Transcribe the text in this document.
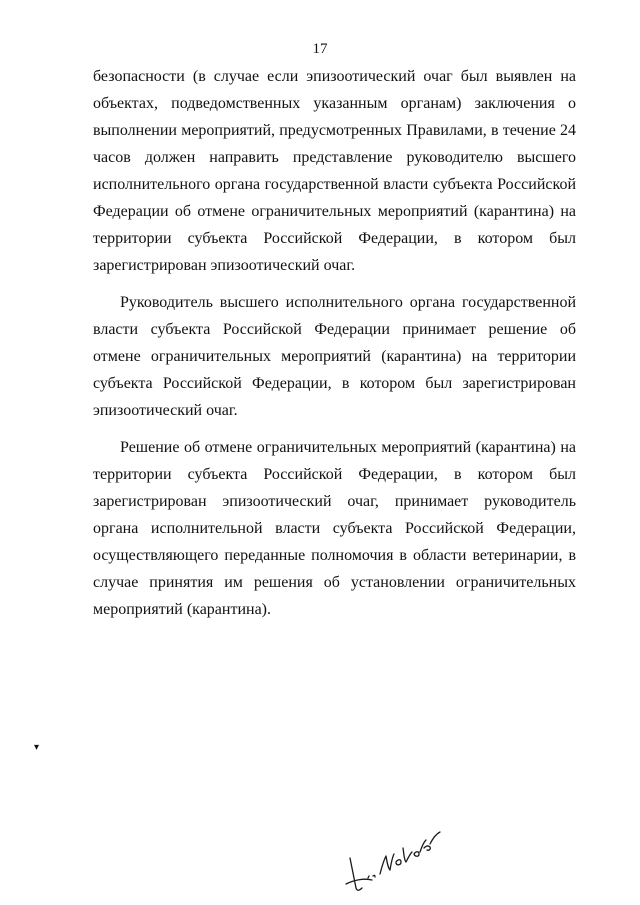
17

безопасности (в случае если эпизоотический очаг был выявлен на объектах, подведомственных указанным органам) заключения о выполнении мероприятий, предусмотренных Правилами, в течение 24 часов должен направить представление руководителю высшего исполнительного органа государственной власти субъекта Российской Федерации об отмене ограничительных мероприятий (карантина) на территории субъекта Российской Федерации, в котором был зарегистрирован эпизоотический очаг.

Руководитель высшего исполнительного органа государственной власти субъекта Российской Федерации принимает решение об отмене ограничительных мероприятий (карантина) на территории субъекта Российской Федерации, в котором был зарегистрирован эпизоотический очаг.

Решение об отмене ограничительных мероприятий (карантина) на территории субъекта Российской Федерации, в котором был зарегистрирован эпизоотический очаг, принимает руководитель органа исполнительной власти субъекта Российской Федерации, осуществляющего переданные полномочия в области ветеринарии, в случае принятия им решения об установлении ограничительных мероприятий (карантина).

▾
